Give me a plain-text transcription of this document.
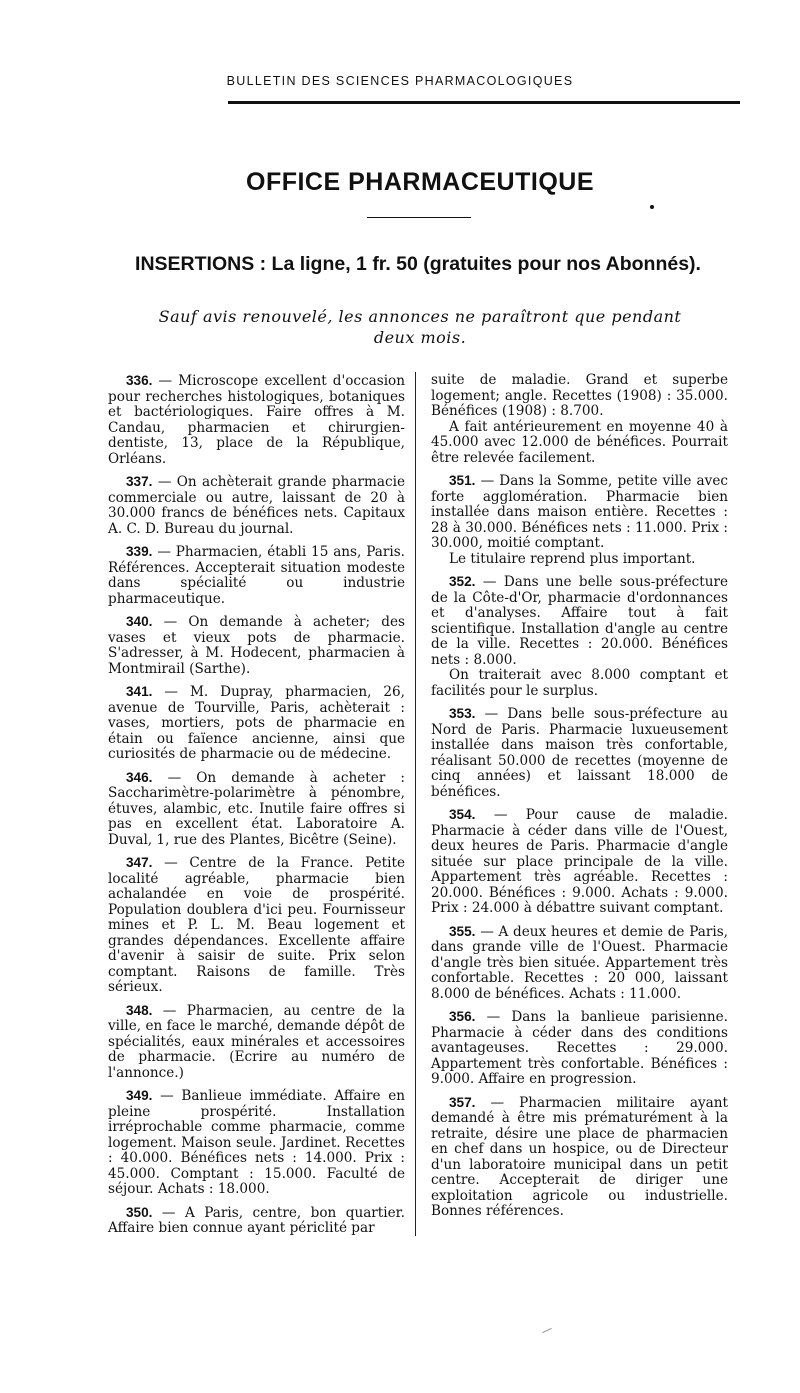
BULLETIN DES SCIENCES PHARMACOLOGIQUES
OFFICE PHARMACEUTIQUE
INSERTIONS : La ligne, 1 fr. 50 (gratuites pour nos Abonnés).
Sauf avis renouvelé, les annonces ne paraîtront que pendant deux mois.
336. — Microscope excellent d'occasion pour recherches histologiques, botaniques et bactériologiques. Faire offres à M. Candau, pharmacien et chirurgien-dentiste, 13, place de la République, Orléans.
337. — On achèterait grande pharmacie commerciale ou autre, laissant de 20 à 30.000 francs de bénéfices nets. Capitaux A. C. D. Bureau du journal.
339. — Pharmacien, établi 15 ans, Paris. Références. Accepterait situation modeste dans spécialité ou industrie pharmaceutique.
340. — On demande à acheter; des vases et vieux pots de pharmacie. S'adresser, à M. Hodecent, pharmacien à Montmirail (Sarthe).
341. — M. Dupray, pharmacien, 26, avenue de Tourville, Paris, achèterait : vases, mortiers, pots de pharmacie en étain ou faïence ancienne, ainsi que curiosités de pharmacie ou de médecine.
346. — On demande à acheter : Saccharimètre-polarimètre à pénombre, étuves, alambic, etc. Inutile faire offres si pas en excellent état. Laboratoire A. Duval, 1, rue des Plantes, Bicêtre (Seine).
347. — Centre de la France. Petite localité agréable, pharmacie bien achalandée en voie de prospérité. Population doublera d'ici peu. Fournisseur mines et P. L. M. Beau logement et grandes dépendances. Excellente affaire d'avenir à saisir de suite. Prix selon comptant. Raisons de famille. Très sérieux.
348. — Pharmacien, au centre de la ville, en face le marché, demande dépôt de spécialités, eaux minérales et accessoires de pharmacie. (Ecrire au numéro de l'annonce.)
349. — Banlieue immédiate. Affaire en pleine prospérité. Installation irréprochable comme pharmacie, comme logement. Maison seule. Jardinet. Recettes : 40.000. Bénéfices nets : 14.000. Prix : 45.000. Comptant : 15.000. Faculté de séjour. Achats : 18.000.
350. — A Paris, centre, bon quartier. Affaire bien connue ayant périclité par
suite de maladie. Grand et superbe logement; angle. Recettes (1908) : 35.000. Bénéfices (1908) : 8.700.
A fait antérieurement en moyenne 40 à 45.000 avec 12.000 de bénéfices. Pourrait être relevée facilement.
351. — Dans la Somme, petite ville avec forte agglomération. Pharmacie bien installée dans maison entière. Recettes : 28 à 30.000. Bénéfices nets : 11.000. Prix : 30.000, moitié comptant.
Le titulaire reprend plus important.
352. — Dans une belle sous-préfecture de la Côte-d'Or, pharmacie d'ordonnances et d'analyses. Affaire tout à fait scientifique. Installation d'angle au centre de la ville. Recettes : 20.000. Bénéfices nets : 8.000.
On traiterait avec 8.000 comptant et facilités pour le surplus.
353. — Dans belle sous-préfecture au Nord de Paris. Pharmacie luxueusement installée dans maison très confortable, réalisant 50.000 de recettes (moyenne de cinq années) et laissant 18.000 de bénéfices.
354. — Pour cause de maladie. Pharmacie à céder dans ville de l'Ouest, deux heures de Paris. Pharmacie d'angle située sur place principale de la ville. Appartement très agréable. Recettes : 20.000. Bénéfices : 9.000. Achats : 9.000. Prix : 24.000 à débattre suivant comptant.
355. — A deux heures et demie de Paris, dans grande ville de l'Ouest. Pharmacie d'angle très bien située. Appartement très confortable. Recettes : 20 000, laissant 8.000 de bénéfices. Achats : 11.000.
356. — Dans la banlieue parisienne. Pharmacie à céder dans des conditions avantageuses. Recettes : 29.000. Appartement très confortable. Bénéfices : 9.000. Affaire en progression.
357. — Pharmacien militaire ayant demandé à être mis prématurément à la retraite, désire une place de pharmacien en chef dans un hospice, ou de Directeur d'un laboratoire municipal dans un petit centre. Accepterait de diriger une exploitation agricole ou industrielle. Bonnes références.
